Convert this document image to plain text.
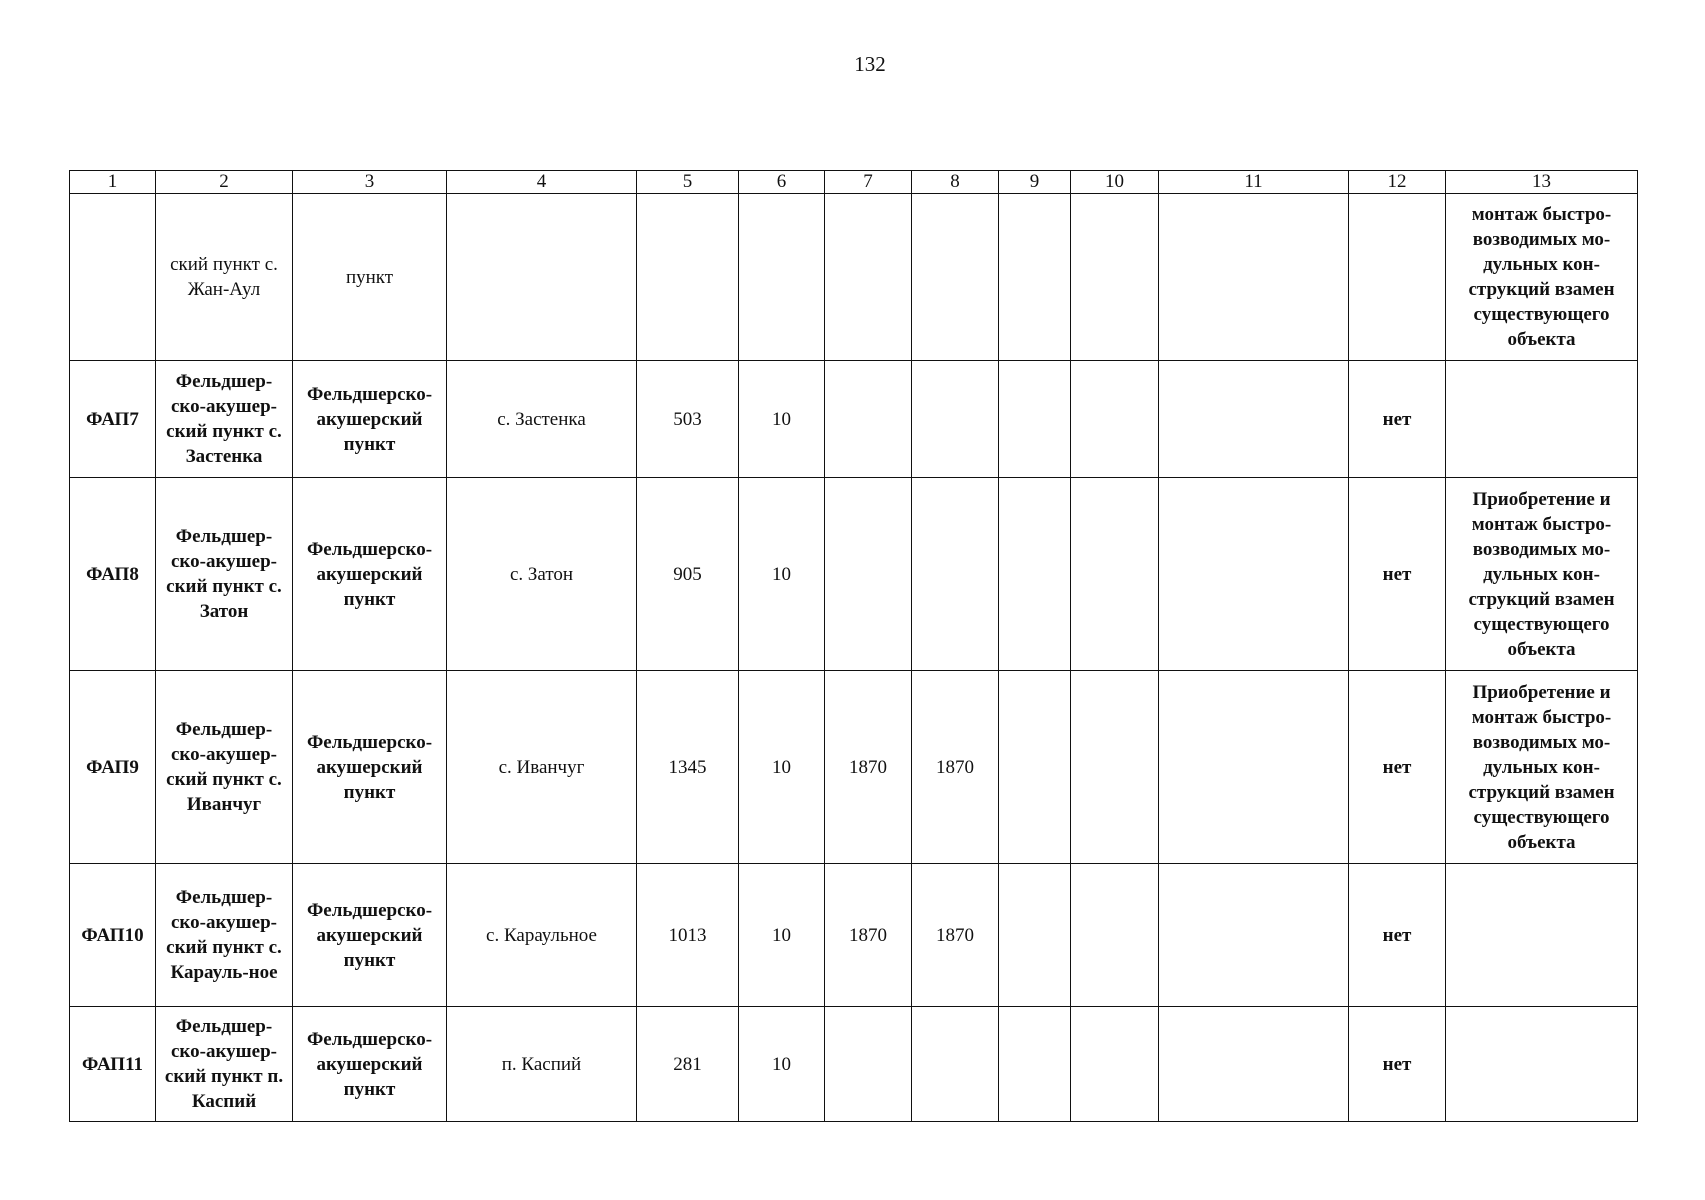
132
1	2	3	4	5	6	7	8	9	10	11	12	13
	ский пункт с. Жан-Аул	пункт										монтаж быстро-возводимых мо-дульных кон-струкций взамен существующего объекта
ФАП7	Фельдшер-ско-акушер-ский пункт с. Застенка	Фельдшерско-акушерский пункт	с. Застенка	503	10						нет	
ФАП8	Фельдшер-ско-акушер-ский пункт с. Затон	Фельдшерско-акушерский пункт	с. Затон	905	10						нет	Приобретение и монтаж быстро-возводимых мо-дульных кон-струкций взамен существующего объекта
ФАП9	Фельдшер-ско-акушер-ский пункт с. Иванчуг	Фельдшерско-акушерский пункт	с. Иванчуг	1345	10	1870	1870				нет	Приобретение и монтаж быстро-возводимых мо-дульных кон-струкций взамен существующего объекта
ФАП10	Фельдшер-ско-акушер-ский пункт с. Карауль-ное	Фельдшерско-акушерский пункт	с. Караульное	1013	10	1870	1870				нет	
ФАП11	Фельдшер-ско-акушер-ский пункт п. Каспий	Фельдшерско-акушерский пункт	п. Каспий	281	10						нет	
